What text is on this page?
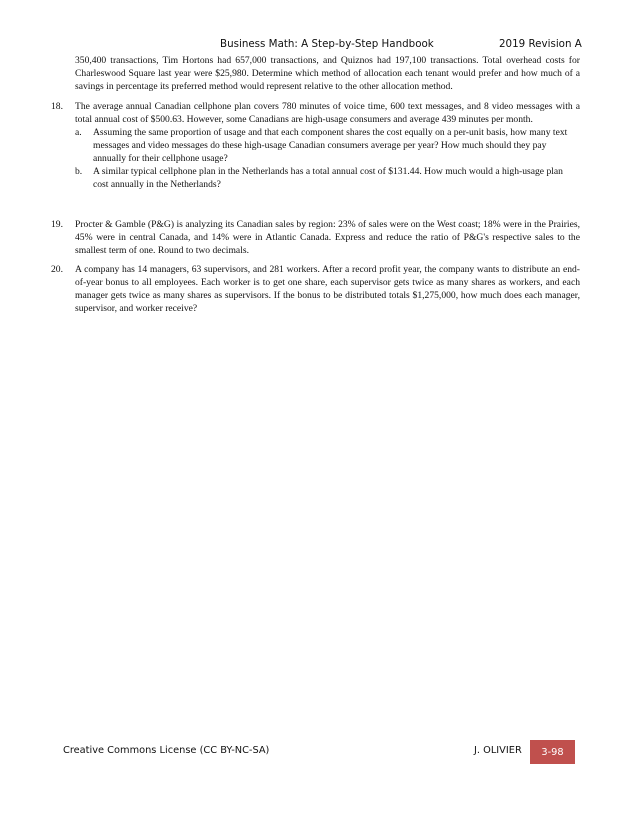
Business Math: A Step-by-Step Handbook	2019 Revision A
350,400 transactions, Tim Hortons had 657,000 transactions, and Quiznos had 197,100 transactions. Total overhead costs for Charleswood Square last year were $25,980. Determine which method of allocation each tenant would prefer and how much of a savings in percentage its preferred method would represent relative to the other allocation method.
18.	The average annual Canadian cellphone plan covers 780 minutes of voice time, 600 text messages, and 8 video messages with a total annual cost of $500.63. However, some Canadians are high-usage consumers and average 439 minutes per month.
a. Assuming the same proportion of usage and that each component shares the cost equally on a per-unit basis, how many text messages and video messages do these high-usage Canadian consumers average per year? How much should they pay annually for their cellphone usage?
b. A similar typical cellphone plan in the Netherlands has a total annual cost of $131.44. How much would a high-usage plan cost annually in the Netherlands?
19.	Procter & Gamble (P&G) is analyzing its Canadian sales by region: 23% of sales were on the West coast; 18% were in the Prairies, 45% were in central Canada, and 14% were in Atlantic Canada. Express and reduce the ratio of P&G's respective sales to the smallest term of one. Round to two decimals.
20.	A company has 14 managers, 63 supervisors, and 281 workers. After a record profit year, the company wants to distribute an end-of-year bonus to all employees. Each worker is to get one share, each supervisor gets twice as many shares as workers, and each manager gets twice as many shares as supervisors. If the bonus to be distributed totals $1,275,000, how much does each manager, supervisor, and worker receive?
Creative Commons License (CC BY-NC-SA)	J. OLIVIER 3-98
